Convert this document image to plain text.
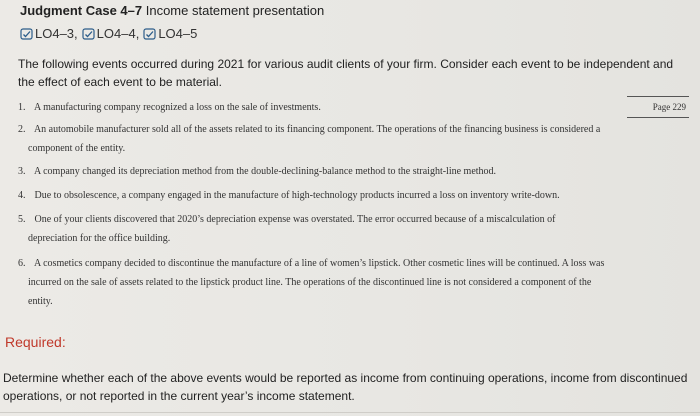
Judgment Case 4–7 Income statement presentation
LO4–3, LO4–4, LO4–5
The following events occurred during 2021 for various audit clients of your firm. Consider each event to be independent and the effect of each event to be material.
Page 229
1. A manufacturing company recognized a loss on the sale of investments.
2. An automobile manufacturer sold all of the assets related to its financing component. The operations of the financing business is considered a
component of the entity.
3. A company changed its depreciation method from the double-declining-balance method to the straight-line method.
4. Due to obsolescence, a company engaged in the manufacture of high-technology products incurred a loss on inventory write-down.
5. One of your clients discovered that 2020’s depreciation expense was overstated. The error occurred because of a miscalculation of
depreciation for the office building.
6. A cosmetics company decided to discontinue the manufacture of a line of women’s lipstick. Other cosmetic lines will be continued. A loss was
incurred on the sale of assets related to the lipstick product line. The operations of the discontinued line is not considered a component of the
entity.
Required:
Determine whether each of the above events would be reported as income from continuing operations, income from discontinued operations, or not reported in the current year’s income statement.
